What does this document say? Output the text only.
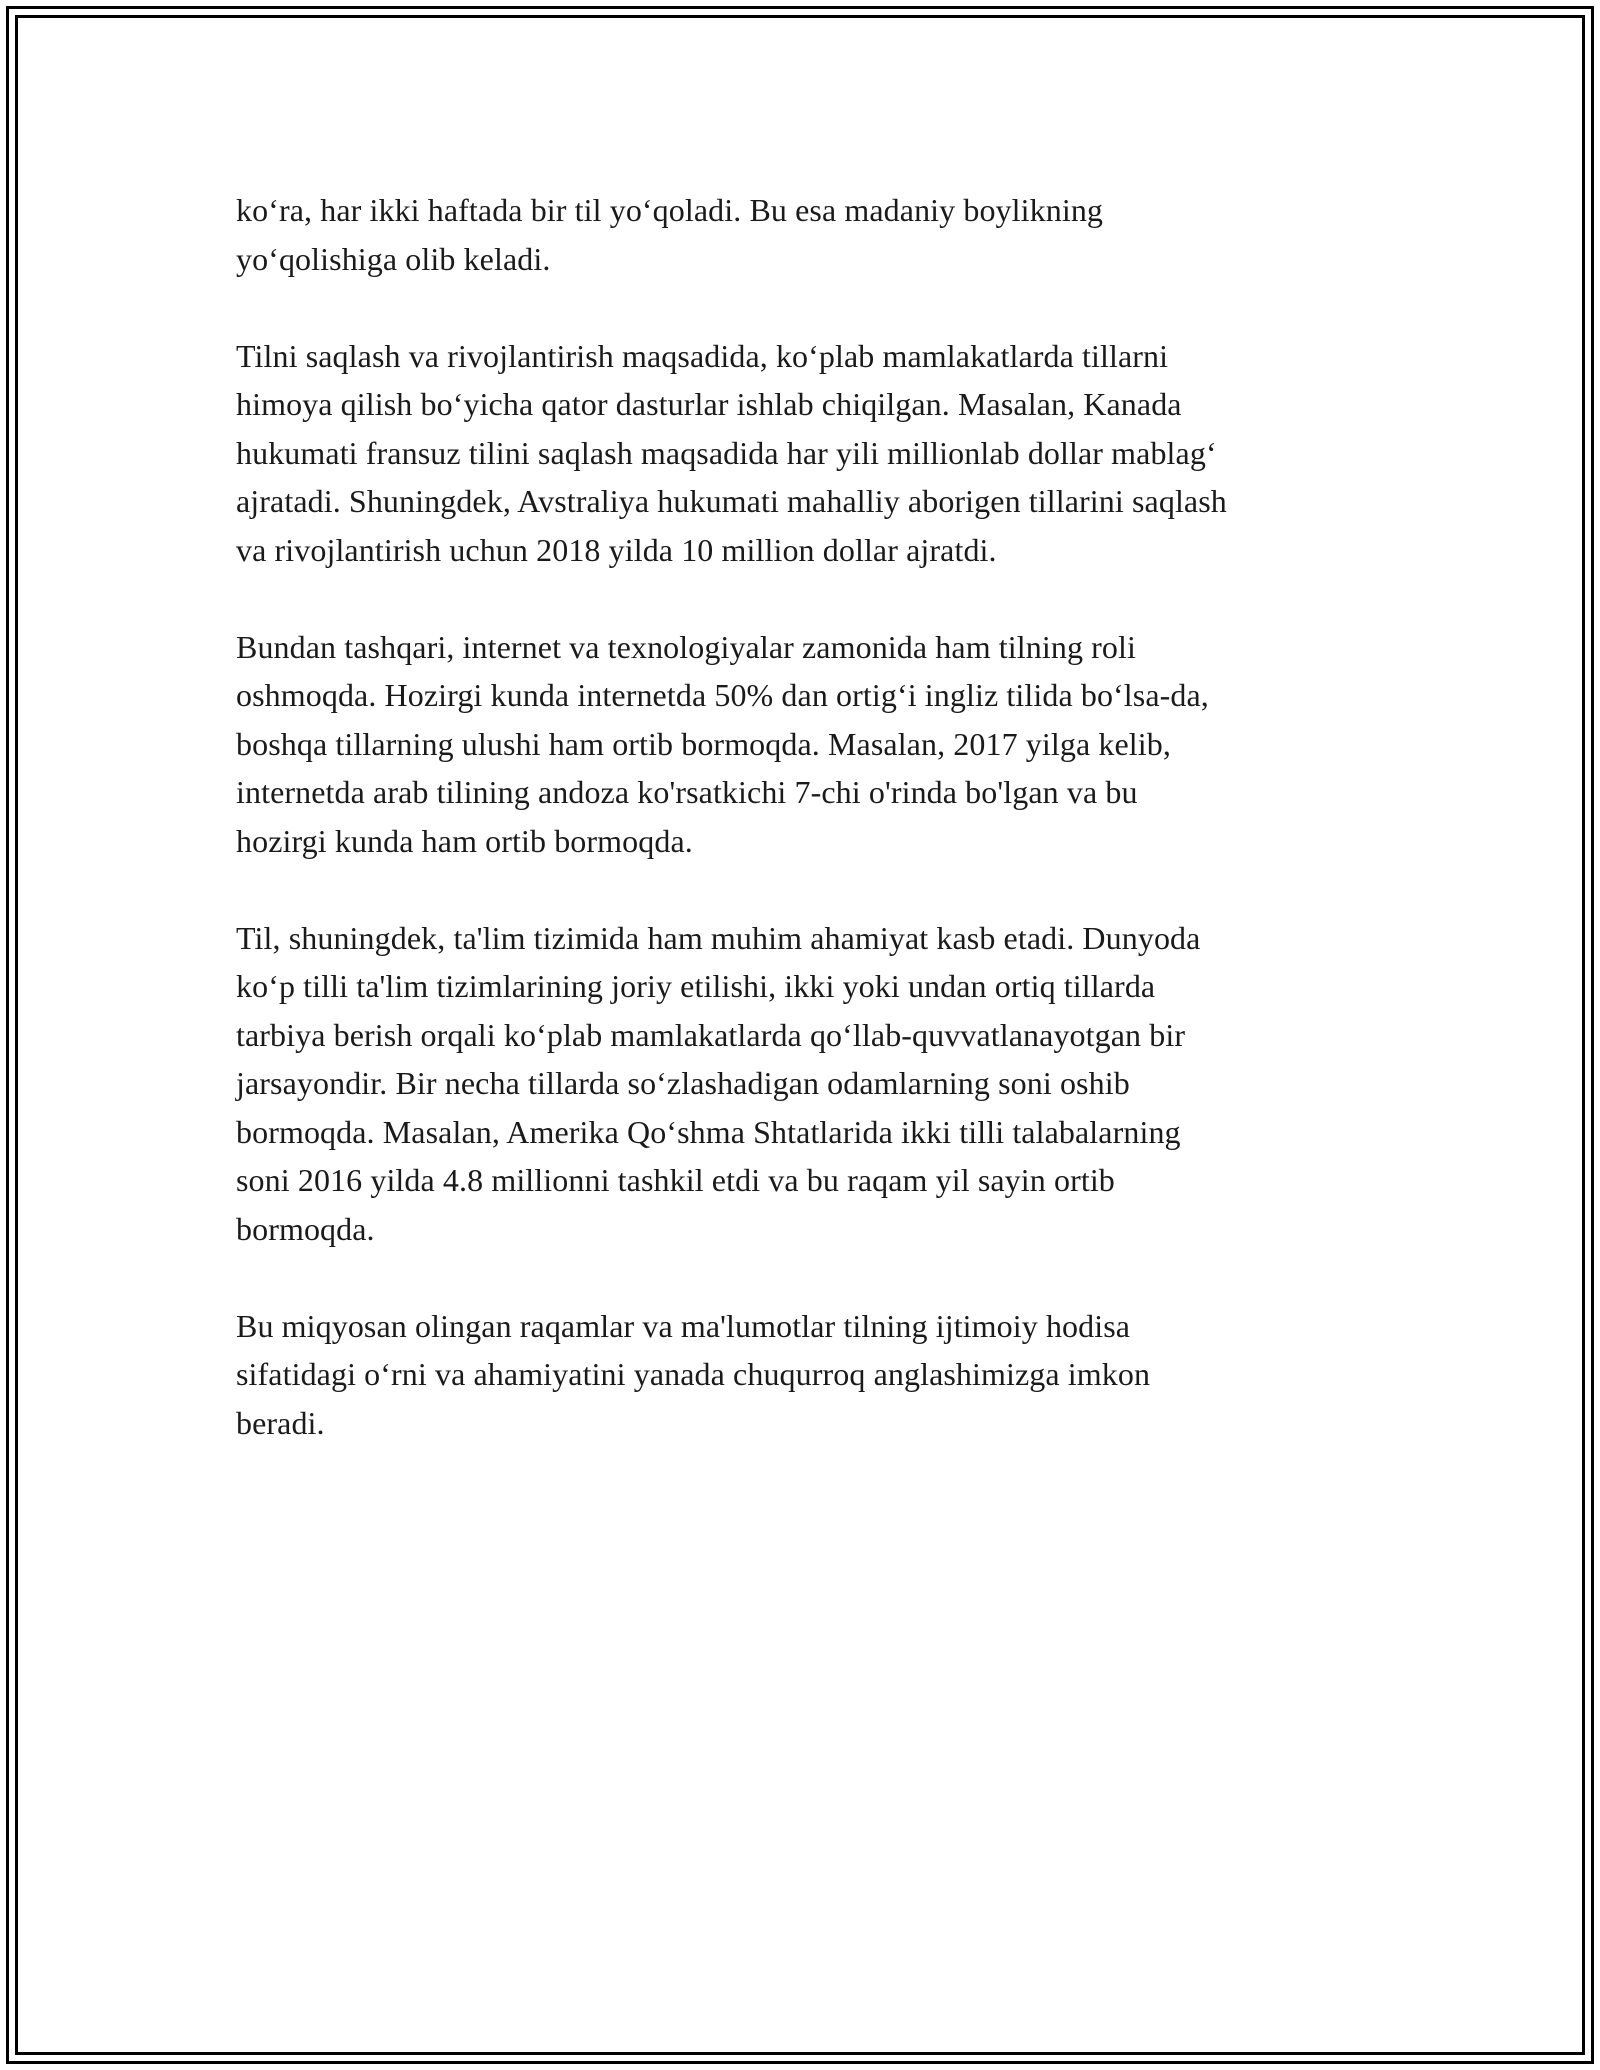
koʻra, har ikki haftada bir til yoʻqoladi. Bu esa madaniy boylikning
yoʻqolishiga olib keladi.

Tilni saqlash va rivojlantirish maqsadida, koʻplab mamlakatlarda tillarni
himoya qilish boʻyicha qator dasturlar ishlab chiqilgan. Masalan, Kanada
hukumati fransuz tilini saqlash maqsadida har yili millionlab dollar mablagʻ
ajratadi. Shuningdek, Avstraliya hukumati mahalliy aborigen tillarini saqlash
va rivojlantirish uchun 2018 yilda 10 million dollar ajratdi.

Bundan tashqari, internet va texnologiyalar zamonida ham tilning roli
oshmoqda. Hozirgi kunda internetda 50% dan ortigʻi ingliz tilida boʻlsa-da,
boshqa tillarning ulushi ham ortib bormoqda. Masalan, 2017 yilga kelib,
internetda arab tilining andoza ko'rsatkichi 7-chi o'rinda bo'lgan va bu
hozirgi kunda ham ortib bormoqda.

Til, shuningdek, ta'lim tizimida ham muhim ahamiyat kasb etadi. Dunyoda
koʻp tilli ta'lim tizimlarining joriy etilishi, ikki yoki undan ortiq tillarda
tarbiya berish orqali koʻplab mamlakatlarda qoʻllab-quvvatlanayotgan bir
jarsayondir. Bir necha tillarda soʻzlashadigan odamlarning soni oshib
bormoqda. Masalan, Amerika Qoʻshma Shtatlarida ikki tilli talabalarning
soni 2016 yilda 4.8 millionni tashkil etdi va bu raqam yil sayin ortib
bormoqda.

Bu miqyosan olingan raqamlar va ma'lumotlar tilning ijtimoiy hodisa
sifatidagi oʻrni va ahamiyatini yanada chuqurroq anglashimizga imkon
beradi.
